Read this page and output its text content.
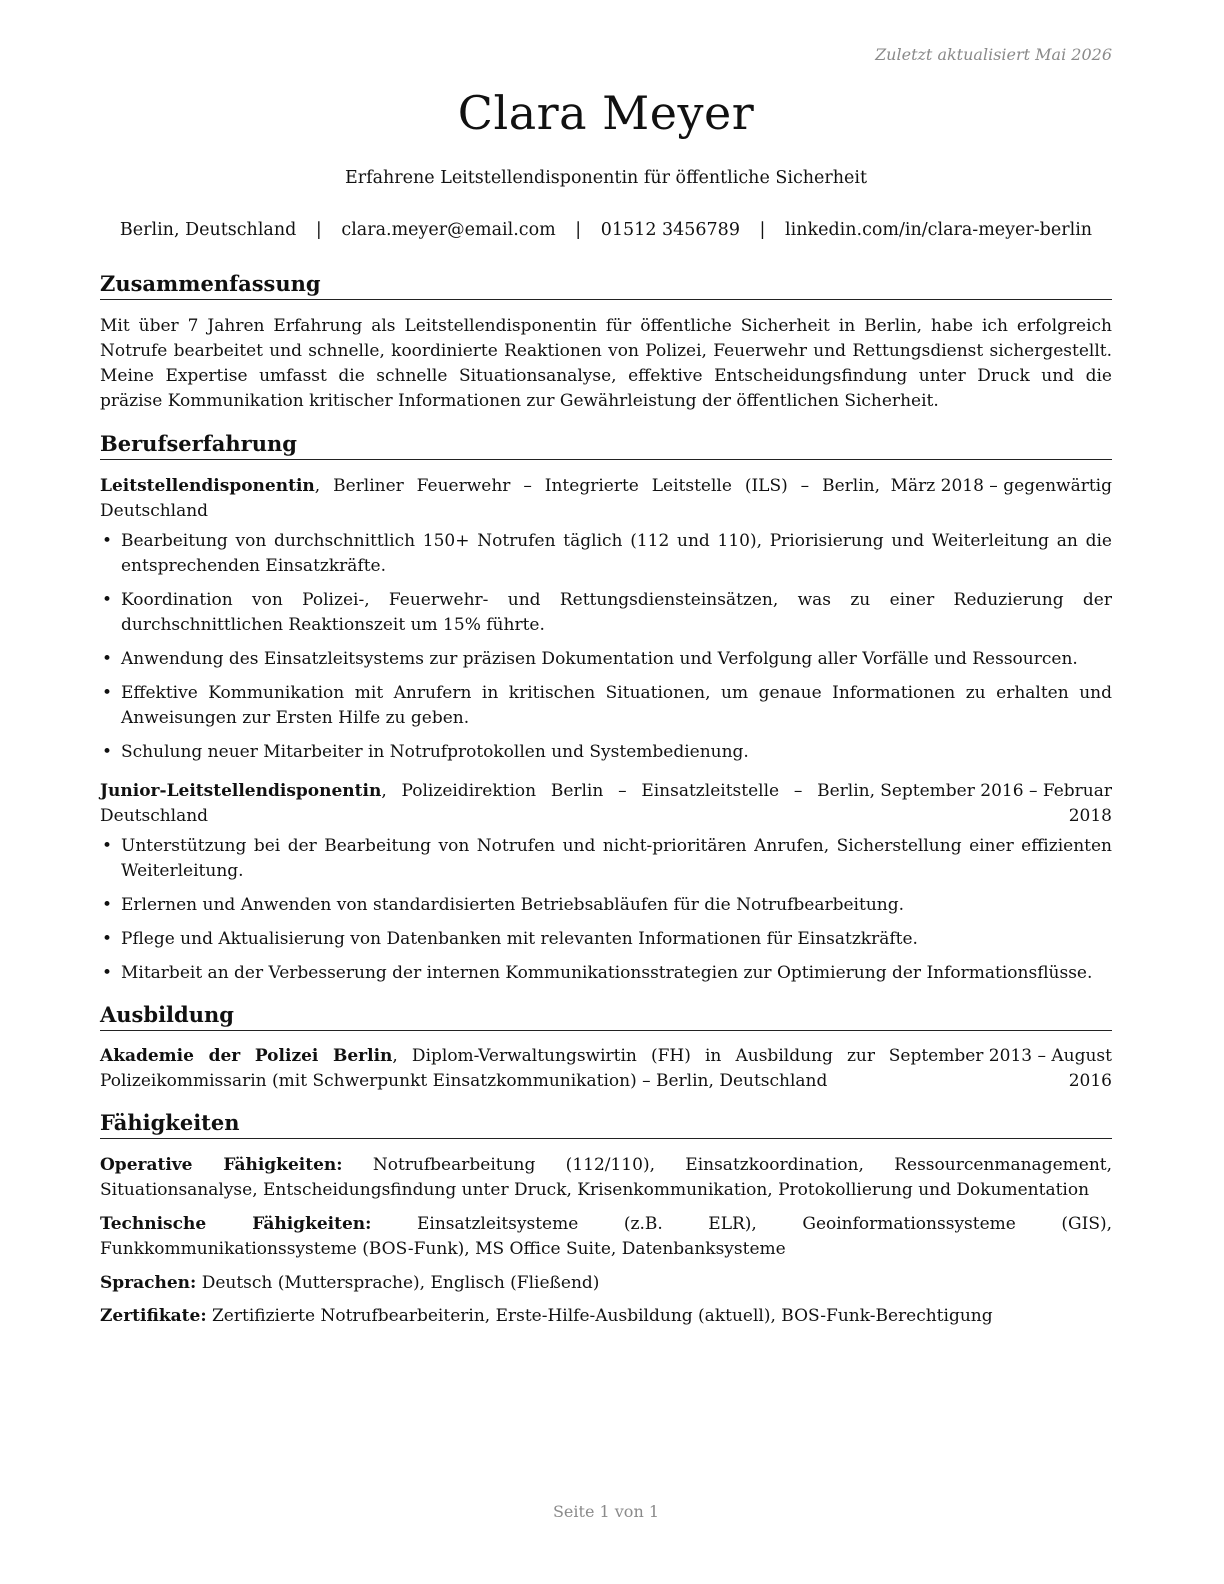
Zuletzt aktualisiert Mai 2026
Clara Meyer
Erfahrene Leitstellendisponentin für öffentliche Sicherheit
Berlin, Deutschland | clara.meyer@email.com | 01512 3456789 | linkedin.com/in/clara-meyer-berlin
Zusammenfassung
Mit über 7 Jahren Erfahrung als Leitstellendisponentin für öffentliche Sicherheit in Berlin, habe ich erfolgreich Notrufe bearbeitet und schnelle, koordinierte Reaktionen von Polizei, Feuerwehr und Rettungsdienst sichergestellt. Meine Expertise umfasst die schnelle Situationsanalyse, effektive Entscheidungsfindung unter Druck und die präzise Kommunikation kritischer Informationen zur Gewährleistung der öffentlichen Sicherheit.
Berufserfahrung
Leitstellendisponentin, Berliner Feuerwehr – Integrierte Leitstelle (ILS) – Berlin, Deutschland
März 2018 – gegenwärtig
• Bearbeitung von durchschnittlich 150+ Notrufen täglich (112 und 110), Priorisierung und Weiterleitung an die entsprechenden Einsatzkräfte.
• Koordination von Polizei-, Feuerwehr- und Rettungsdiensteinsätzen, was zu einer Reduzierung der durchschnittlichen Reaktionszeit um 15% führte.
• Anwendung des Einsatzleitsystems zur präzisen Dokumentation und Verfolgung aller Vorfälle und Ressourcen.
• Effektive Kommunikation mit Anrufern in kritischen Situationen, um genaue Informationen zu erhalten und Anweisungen zur Ersten Hilfe zu geben.
• Schulung neuer Mitarbeiter in Notrufprotokollen und Systembedienung.
Junior-Leitstellendisponentin, Polizeidirektion Berlin – Einsatzleitstelle – Berlin, Deutschland
September 2016 – Februar 2018
• Unterstützung bei der Bearbeitung von Notrufen und nicht-prioritären Anrufen, Sicherstellung einer effizienten Weiterleitung.
• Erlernen und Anwenden von standardisierten Betriebsabläufen für die Notrufbearbeitung.
• Pflege und Aktualisierung von Datenbanken mit relevanten Informationen für Einsatzkräfte.
• Mitarbeit an der Verbesserung der internen Kommunikationsstrategien zur Optimierung der Informationsflüsse.
Ausbildung
Akademie der Polizei Berlin, Diplom-Verwaltungswirtin (FH) in Ausbildung zur Polizeikommissarin (mit Schwerpunkt Einsatzkommunikation) – Berlin, Deutschland
September 2013 – August 2016
Fähigkeiten
Operative Fähigkeiten: Notrufbearbeitung (112/110), Einsatzkoordination, Ressourcenmanagement, Situationsanalyse, Entscheidungsfindung unter Druck, Krisenkommunikation, Protokollierung und Dokumentation
Technische Fähigkeiten: Einsatzleitsysteme (z.B. ELR), Geoinformationssysteme (GIS), Funkkommunikationssysteme (BOS-Funk), MS Office Suite, Datenbanksysteme
Sprachen: Deutsch (Muttersprache), Englisch (Fließend)
Zertifikate: Zertifizierte Notrufbearbeiterin, Erste-Hilfe-Ausbildung (aktuell), BOS-Funk-Berechtigung
Seite 1 von 1
